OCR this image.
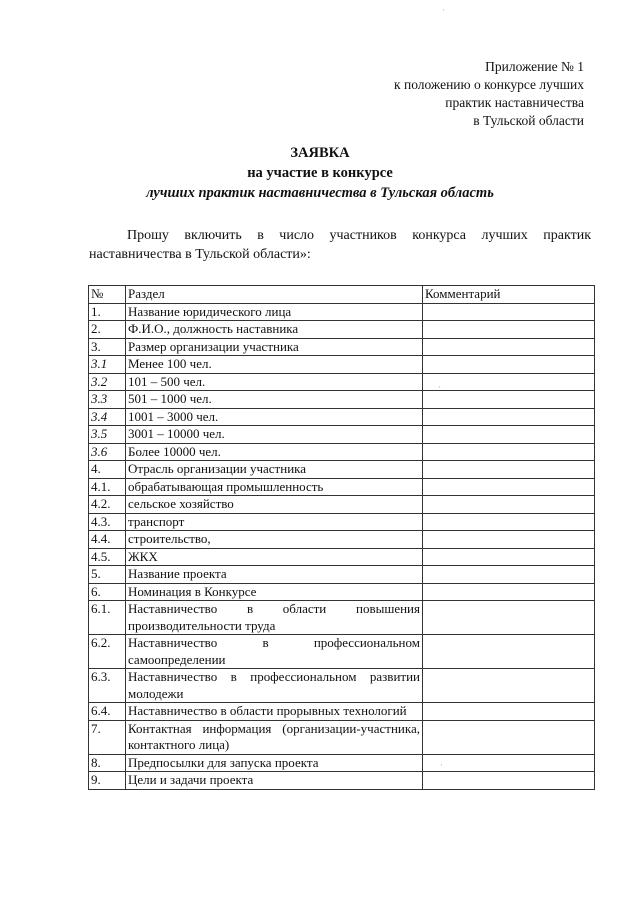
Приложение № 1
к положению о конкурсе лучших
практик наставничества
в Тульской области
ЗАЯВКА
на участие в конкурсе
лучших практик наставничества в Тульская область
Прошу включить в число участников конкурса лучших практик наставничества в Тульской области»:
№	Раздел	Комментарий
1.	Название юридического лица	
2.	Ф.И.О., должность наставника	
3.	Размер организации участника	
3.1	Менее 100 чел.	
3.2	101 – 500 чел.	
3.3	501 – 1000 чел.	
3.4	1001 – 3000 чел.	
3.5	3001 – 10000 чел.	
3.6	Более 10000 чел.	
4.	Отрасль организации участника	
4.1.	обрабатывающая промышленность	
4.2.	сельское хозяйство	
4.3.	транспорт	
4.4.	строительство,	
4.5.	ЖКХ	
5.	Название проекта	
6.	Номинация в Конкурсе	
6.1.	Наставничество в области повышения производительности труда	
6.2.	Наставничество в профессиональном самоопределении	
6.3.	Наставничество в профессиональном развитии молодежи	
6.4.	Наставничество в области прорывных технологий	
7.	Контактная информация (организации-участника, контактного лица)	
8.	Предпосылки для запуска проекта	
9.	Цели и задачи проекта	
·
·
·
